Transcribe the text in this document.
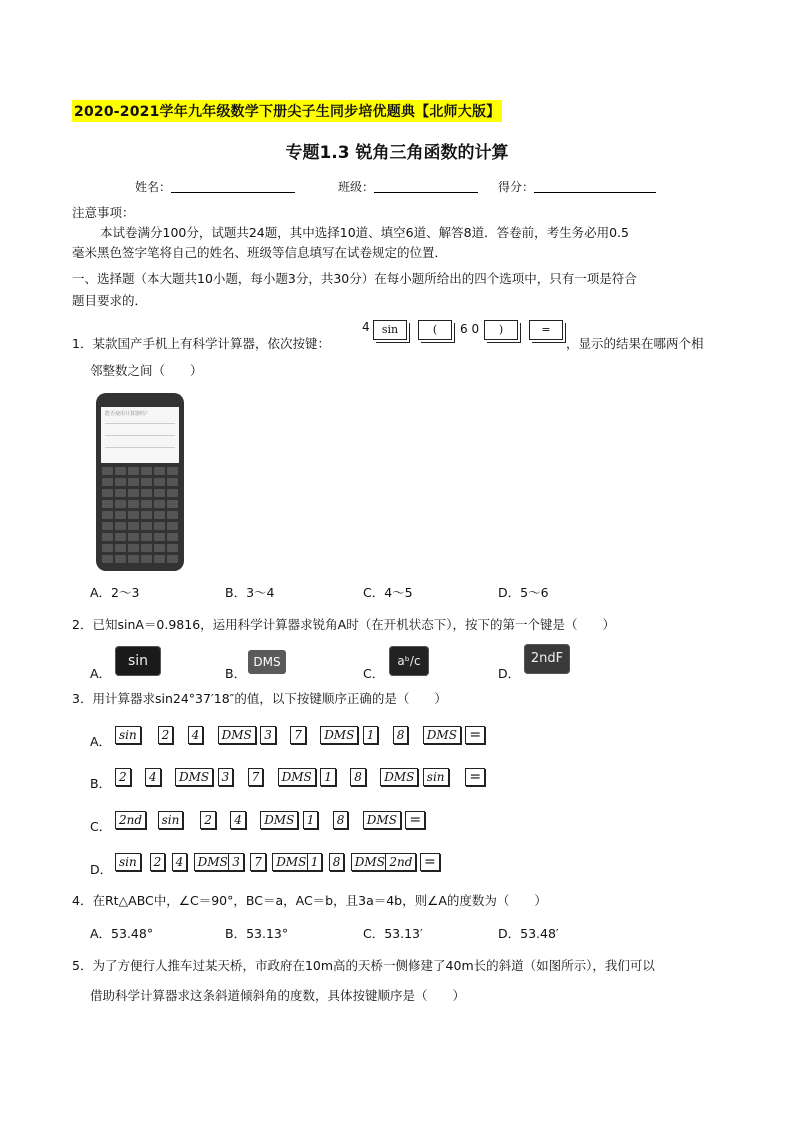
2020-2021学年九年级数学下册尖子生同步培优题典【北师大版】
专题1.3 锐角三角函数的计算
姓名：	班级：	得分：
注意事项：
本试卷满分100分，试题共24题，其中选择10道、填空6道、解答8道．答卷前，考生务必用0.5
毫米黑色签字笔将自己的姓名、班级等信息填写在试卷规定的位置．
一、选择题（本大题共10小题，每小题3分，共30分）在每小题所给出的四个选项中，只有一项是符合
题目要求的．
1．某款国产手机上有科学计算器，依次按键：
4	sin	(	6 0	)	=
，显示的结果在哪两个相
邻整数之间（　　）
能否使用计算器吗？
A．2～3	B．3～4	C．4～5	D．5～6
2．已知sinA＝0.9816，运用科学计算器求锐角A时（在开机状态下），按下的第一个键是（　　）
A．
sin
B．
DMS
C．
aᵇ/c
D．
2ndF
3．用计算器求sin24°37′18″的值，以下按键顺序正确的是（　　）
A． sin	2	4	DMS	3	7	DMS	1	8	DMS =
B． 2	4	DMS	3	7	DMS	1	8	DMS	sin =
C． 2nd	sin	2	4	DMS	1	8	DMS =
D． sin	2	4	DMS 3	7	DMS 1	8	DMS 2nd =
4．在Rt△ABC中，∠C＝90°，BC＝a，AC＝b，且3a＝4b，则∠A的度数为（　　）
A．53.48°	B．53.13°	C．53.13′	D．53.48′
5．为了方便行人推车过某天桥，市政府在10m高的天桥一侧修建了40m长的斜道（如图所示），我们可以
借助科学计算器求这条斜道倾斜角的度数，具体按键顺序是（　　）
